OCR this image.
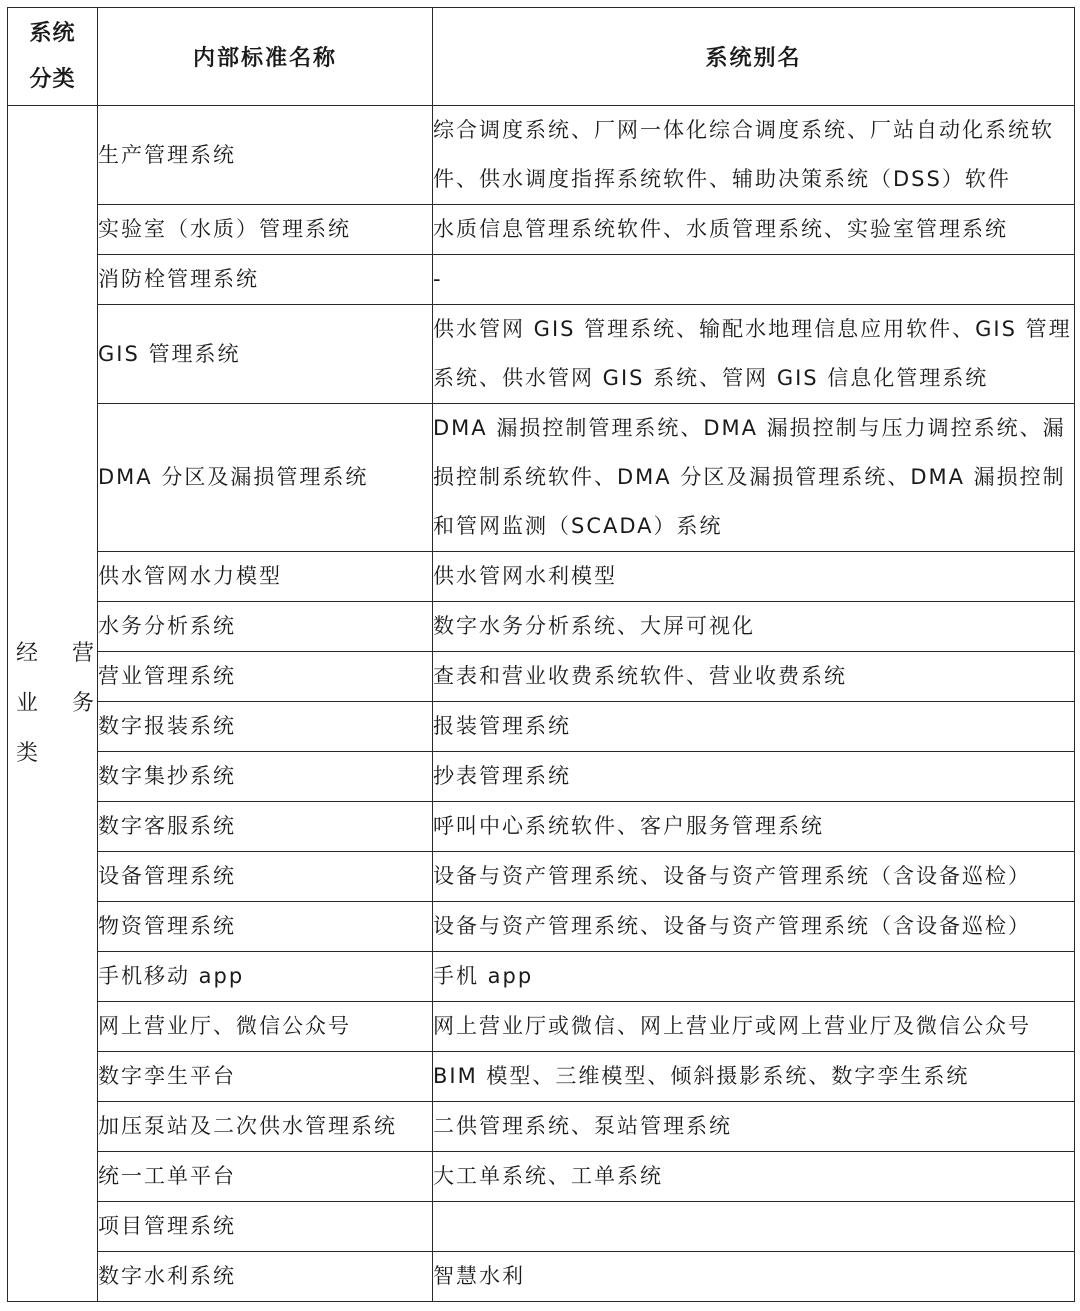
系统
分类	内部标准名称	系统别名

经　营
业　务
类	生产管理系统	综合调度系统、厂网一体化综合调度系统、厂站自动化系统软件、供水调度指挥系统软件、辅助决策系统（DSS）软件
	实验室（水质）管理系统	水质信息管理系统软件、水质管理系统、实验室管理系统
	消防栓管理系统	-
	GIS 管理系统	供水管网 GIS 管理系统、输配水地理信息应用软件、GIS 管理系统、供水管网 GIS 系统、管网 GIS 信息化管理系统
	DMA 分区及漏损管理系统	DMA 漏损控制管理系统、DMA 漏损控制与压力调控系统、漏损控制系统软件、DMA 分区及漏损管理系统、DMA 漏损控制和管网监测（SCADA）系统
	供水管网水力模型	供水管网水利模型
	水务分析系统	数字水务分析系统、大屏可视化
	营业管理系统	查表和营业收费系统软件、营业收费系统
	数字报装系统	报装管理系统
	数字集抄系统	抄表管理系统
	数字客服系统	呼叫中心系统软件、客户服务管理系统
	设备管理系统	设备与资产管理系统、设备与资产管理系统（含设备巡检）
	物资管理系统	设备与资产管理系统、设备与资产管理系统（含设备巡检）
	手机移动 app	手机 app
	网上营业厅、微信公众号	网上营业厅或微信、网上营业厅或网上营业厅及微信公众号
	数字孪生平台	BIM 模型、三维模型、倾斜摄影系统、数字孪生系统
	加压泵站及二次供水管理系统	二供管理系统、泵站管理系统
	统一工单平台	大工单系统、工单系统
	项目管理系统	
	数字水利系统	智慧水利
